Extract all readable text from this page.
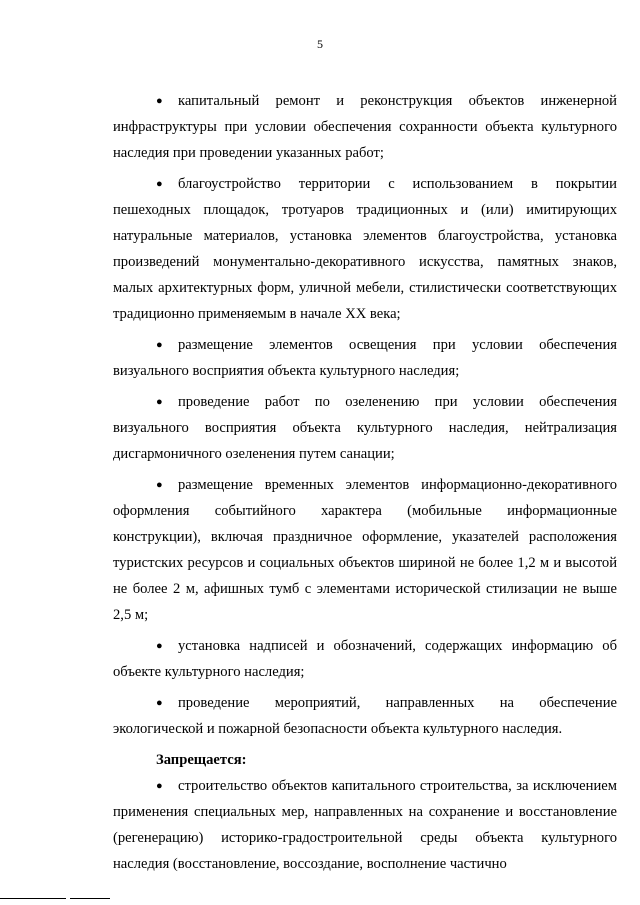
5

● капитальный ремонт и реконструкция объектов инженерной инфраструктуры при условии обеспечения сохранности объекта культурного наследия при проведении указанных работ;

● благоустройство территории с использованием в покрытии пешеходных площадок, тротуаров традиционных и (или) имитирующих натуральные материалов, установка элементов благоустройства, установка произведений монументально-декоративного искусства, памятных знаков, малых архитектурных форм, уличной мебели, стилистически соответствующих традиционно применяемым в начале XX века;

● размещение элементов освещения при условии обеспечения визуального восприятия объекта культурного наследия;

● проведение работ по озеленению при условии обеспечения визуального восприятия объекта культурного наследия, нейтрализация дисгармоничного озеленения путем санации;

● размещение временных элементов информационно-декоративного оформления событийного характера (мобильные информационные конструкции), включая праздничное оформление, указателей расположения туристских ресурсов и социальных объектов шириной не более 1,2 м и высотой не более 2 м, афишных тумб с элементами исторической стилизации не выше 2,5 м;

● установка надписей и обозначений, содержащих информацию об объекте культурного наследия;

● проведение мероприятий, направленных на обеспечение экологической и пожарной безопасности объекта культурного наследия.

Запрещается:

● строительство объектов капитального строительства, за исключением применения специальных мер, направленных на сохранение и восстановление (регенерацию) историко-градостроительной среды объекта культурного наследия (восстановление, воссоздание, восполнение частично
